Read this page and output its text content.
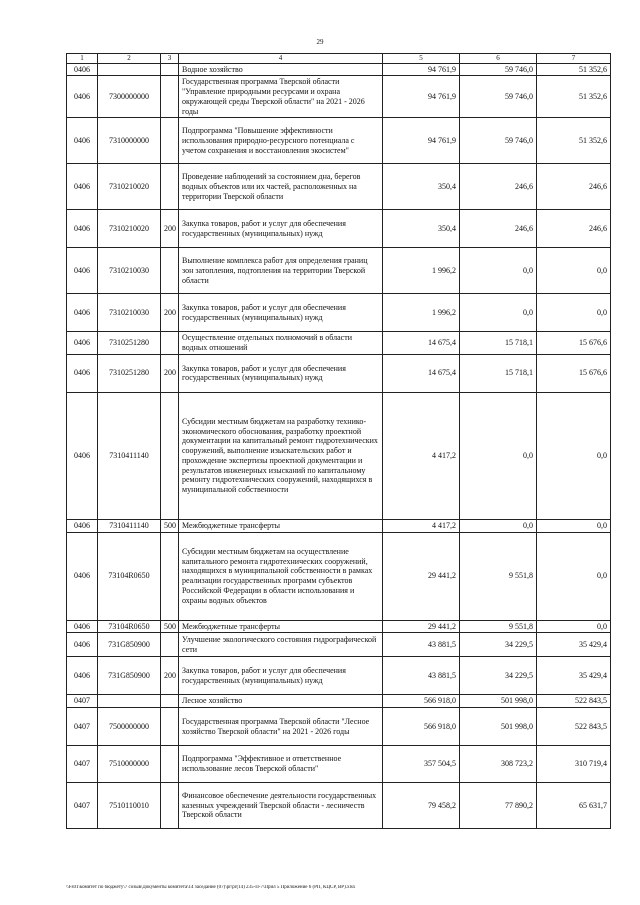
29
1	2	3	4	5	6	7
0406			Водное хозяйство	94 761,9	59 746,0	51 352,6
0406	7300000000		Государственная программа Тверской области "Управление природными ресурсами и охрана окружающей среды Тверской области" на 2021 - 2026 годы	94 761,9	59 746,0	51 352,6
0406	7310000000		Подпрограмма "Повышение эффективности использования природно-ресурсного потенциала с учетом сохранения и восстановления экосистем"	94 761,9	59 746,0	51 352,6
0406	7310210020		Проведение наблюдений за состоянием дна, берегов водных объектов или их частей, расположенных на территории Тверской области	350,4	246,6	246,6
0406	7310210020	200	Закупка товаров, работ и услуг для обеспечения государственных (муниципальных) нужд	350,4	246,6	246,6
0406	7310210030		Выполнение комплекса работ для определения границ зон затопления, подтопления на территории Тверской области	1 996,2	0,0	0,0
0406	7310210030	200	Закупка товаров, работ и услуг для обеспечения государственных (муниципальных) нужд	1 996,2	0,0	0,0
0406	7310251280		Осуществление отдельных полномочий в области водных отношений	14 675,4	15 718,1	15 676,6
0406	7310251280	200	Закупка товаров, работ и услуг для обеспечения государственных (муниципальных) нужд	14 675,4	15 718,1	15 676,6
0406	7310411140		Субсидии местным бюджетам на разработку технико-экономического обоснования, разработку проектной документации на капитальный ремонт гидротехнических сооружений, выполнение изыскательских работ и прохождение экспертизы проектной документации и результатов инженерных изысканий по капитальному ремонту гидротехнических сооружений, находящихся в муниципальной собственности	4 417,2	0,0	0,0
0406	7310411140	500	Межбюджетные трансферты	4 417,2	0,0	0,0
0406	73104R0650		Субсидии местным бюджетам на осуществление капитального ремонта гидротехнических сооружений, находящихся в муниципальной собственности в рамках реализации государственных программ субъектов Российской Федерации в области использования и охраны водных объектов	29 441,2	9 551,8	0,0
0406	73104R0650	500	Межбюджетные трансферты	29 441,2	9 551,8	0,0
0406	731G850900		Улучшение экологического состояния гидрографической сети	43 881,5	34 229,5	35 429,4
0406	731G850900	200	Закупка товаров, работ и услуг для обеспечения государственных (муниципальных) нужд	43 881,5	34 229,5	35 429,4
0407			Лесное хозяйство	566 918,0	501 998,0	522 843,5
0407	7500000000		Государственная программа Тверской области "Лесное хозяйство Тверской области" на 2021 - 2026 годы	566 918,0	501 998,0	522 843,5
0407	7510000000		Подпрограмма "Эффективное и ответственное использование лесов Тверской области"	357 504,5	308 723,2	310 719,4
0407	7510110010		Финансовое обеспечение деятельности государственных казенных учреждений Тверской области - лесничеств Тверской области	79 458,2	77 890,2	65 631,7
\\Fs01\комитет по бюджету\7 созыв\Документы комитета\14 заседание (07)\pr\pr(14) 235-П-7\Прил 5 Приложение 6 (РП, КЦСР, ВР).xlsx
